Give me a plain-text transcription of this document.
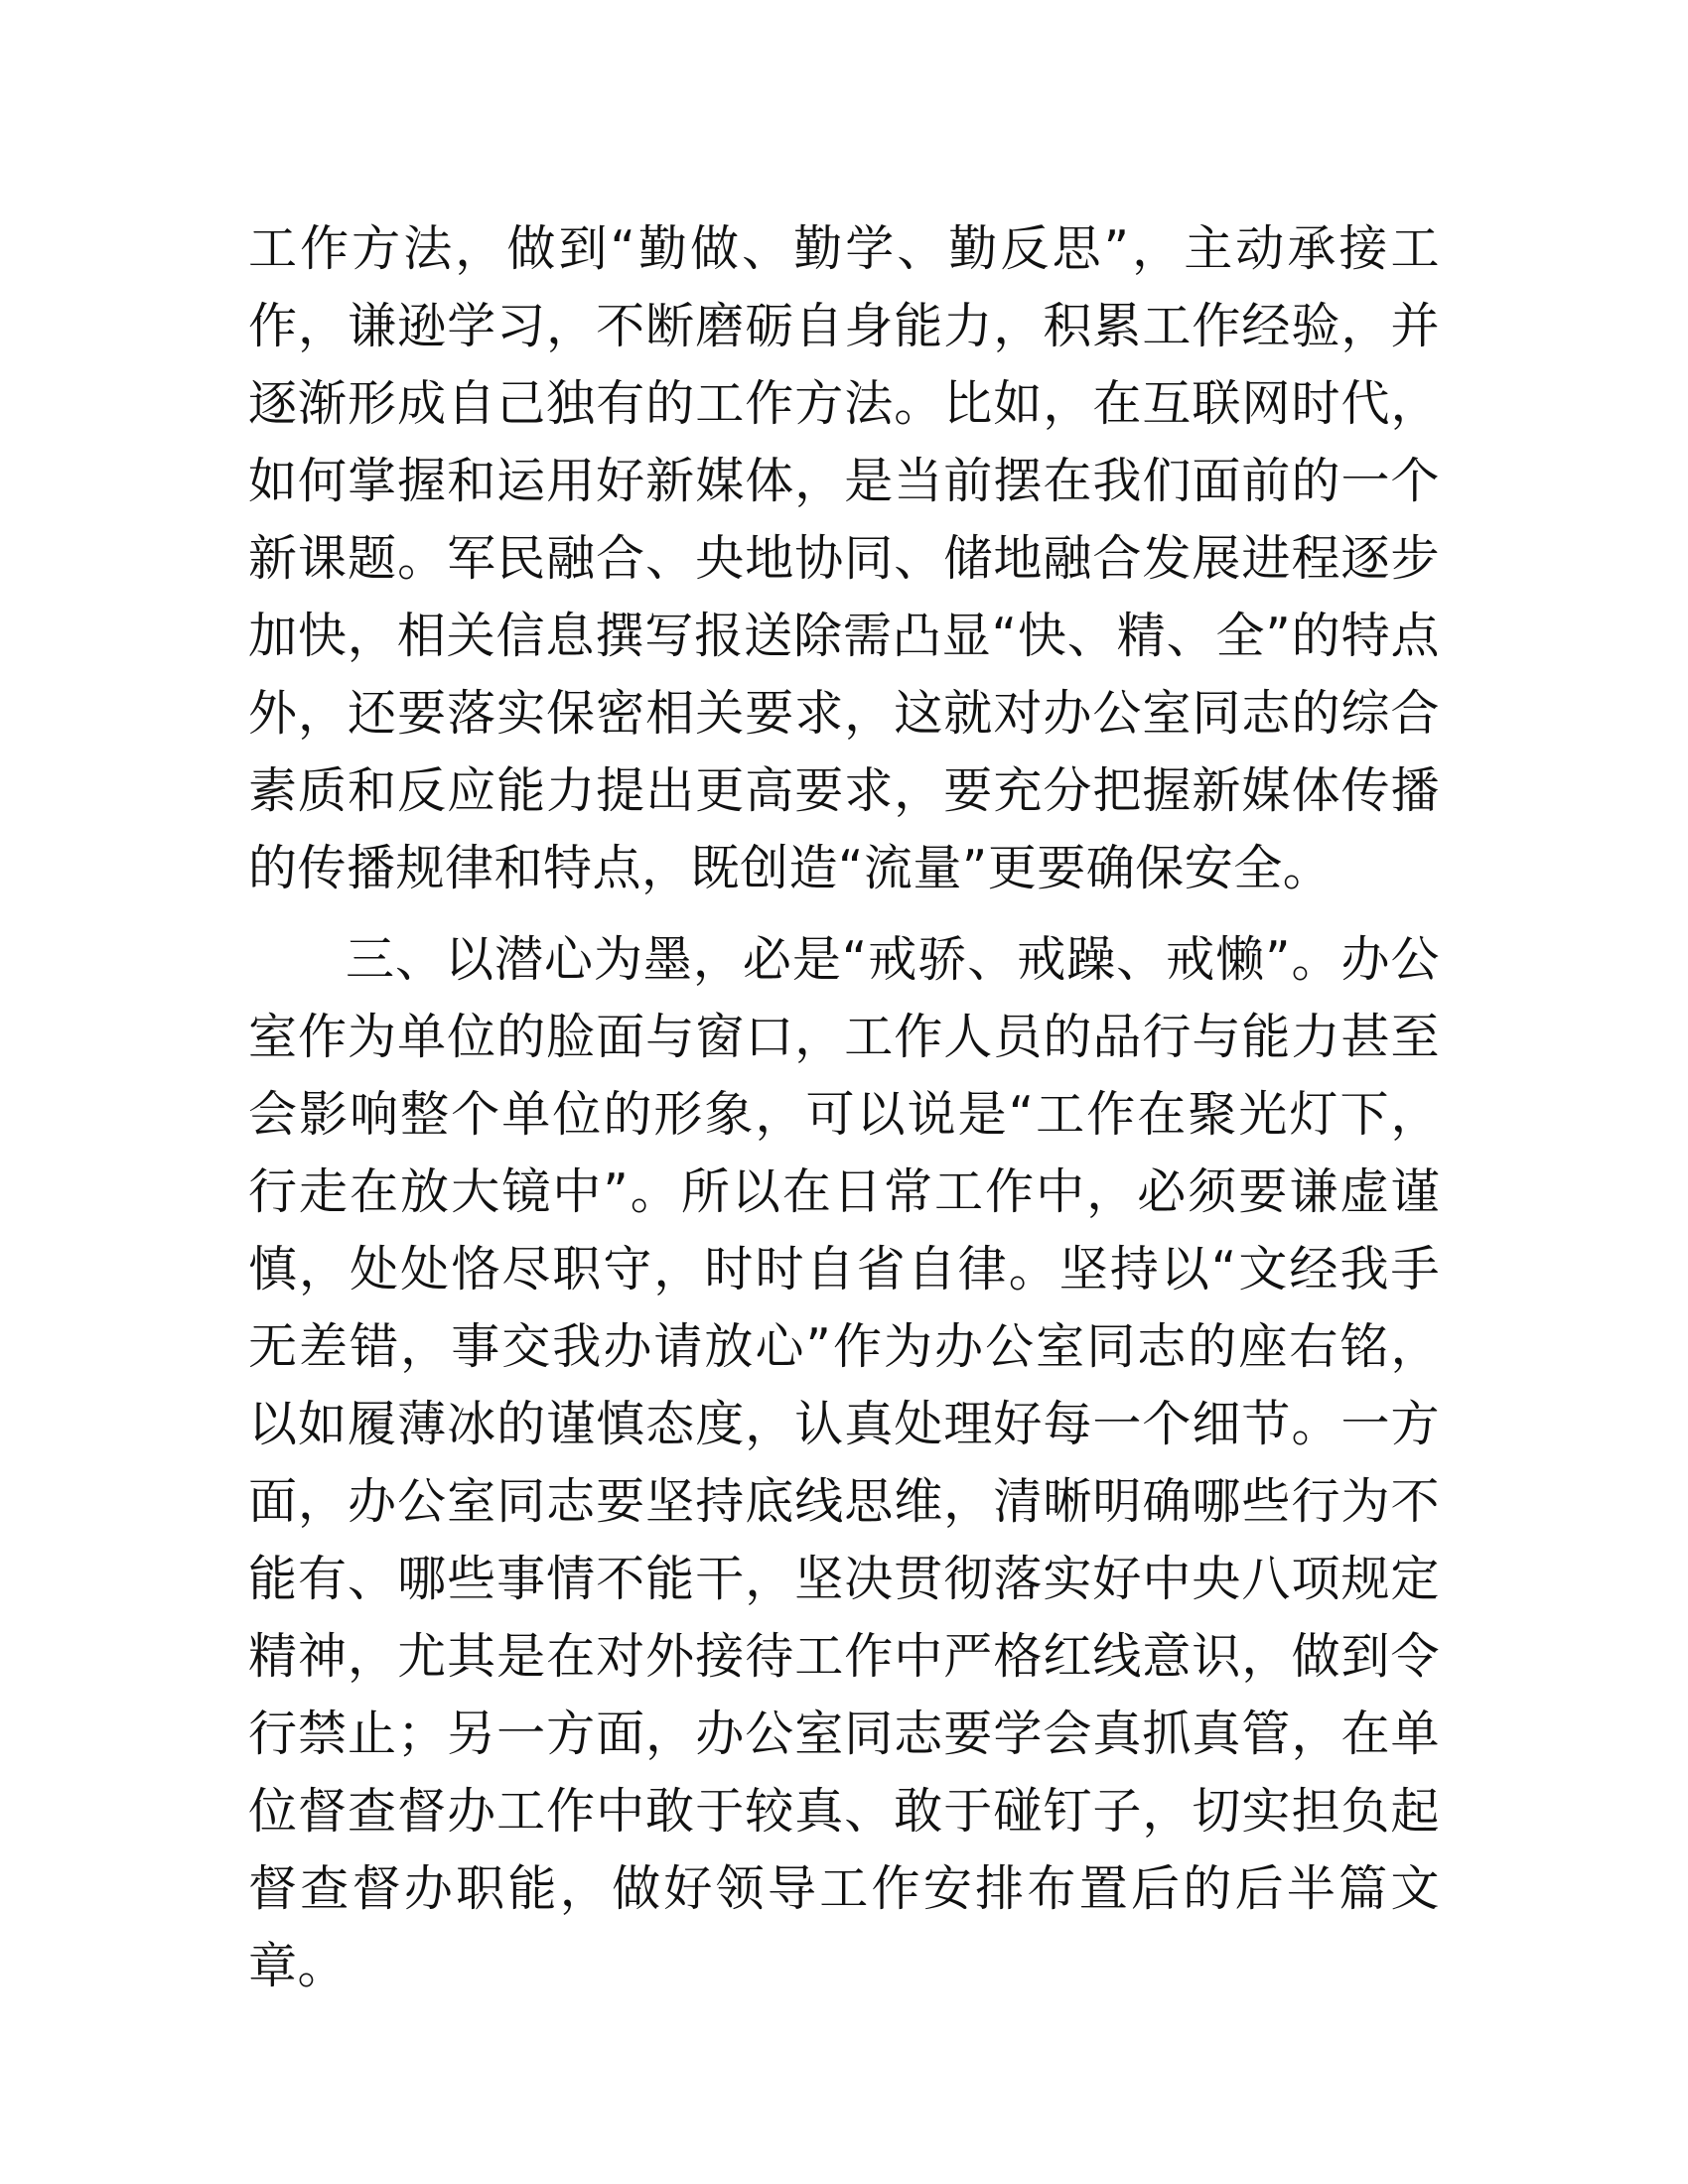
工作方法，做到“勤做、勤学、勤反思”，主动承接工作，谦逊学习，不断磨砺自身能力，积累工作经验，并逐渐形成自己独有的工作方法。比如，在互联网时代，如何掌握和运用好新媒体，是当前摆在我们面前的一个新课题。军民融合、央地协同、储地融合发展进程逐步加快，相关信息撰写报送除需凸显“快、精、全”的特点外，还要落实保密相关要求，这就对办公室同志的综合素质和反应能力提出更高要求，要充分把握新媒体传播的传播规律和特点，既创造“流量”更要确保安全。

三、以潜心为墨，必是“戒骄、戒躁、戒懒”。办公室作为单位的脸面与窗口，工作人员的品行与能力甚至会影响整个单位的形象，可以说是“工作在聚光灯下，行走在放大镜中”。所以在日常工作中，必须要谦虚谨慎，处处恪尽职守，时时自省自律。坚持以“文经我手无差错，事交我办请放心”作为办公室同志的座右铭，以如履薄冰的谨慎态度，认真处理好每一个细节。一方面，办公室同志要坚持底线思维，清晰明确哪些行为不能有、哪些事情不能干，坚决贯彻落实好中央八项规定精神，尤其是在对外接待工作中严格红线意识，做到令行禁止；另一方面，办公室同志要学会真抓真管，在单位督查督办工作中敢于较真、敢于碰钉子，切实担负起督查督办职能，做好领导工作安排布置后的后半篇文章。
